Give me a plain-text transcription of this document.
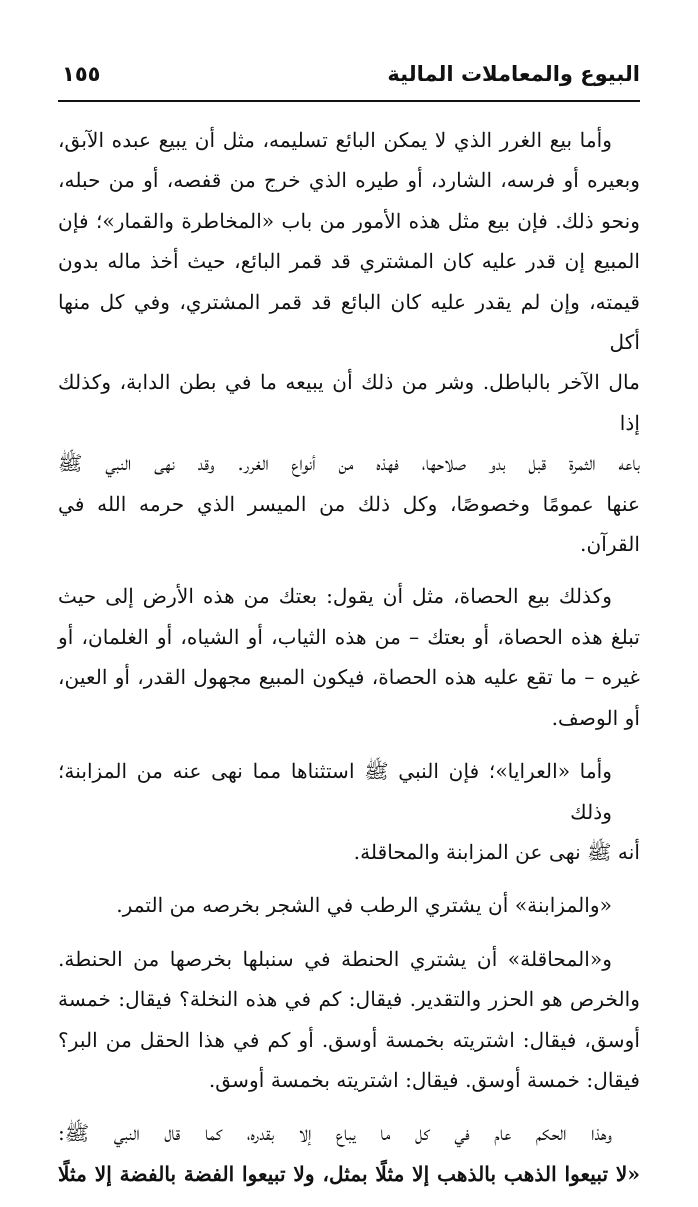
البيوع والمعاملات المالية
١٥٥

وأما بيع الغرر الذي لا يمكن البائع تسليمه، مثل أن يبيع عبده الآبق،
وبعيره أو فرسه، الشارد، أو طيره الذي خرج من قفصه، أو من حبله،
ونحو ذلك. فإن بيع مثل هذه الأمور من باب «المخاطرة والقمار»؛ فإن
المبيع إن قدر عليه كان المشتري قد قمر البائع، حيث أخذ ماله بدون
قيمته، وإن لم يقدر عليه كان البائع قد قمر المشتري، وفي كل منها أكل
مال الآخر بالباطل. وشر من ذلك أن يبيعه ما في بطن الدابة، وكذلك إذا
باعه الثمرة قبل بدو صلاحها، فهذه من أنواع الغرر. وقد نهى النبي ﷺ
عنها عمومًا وخصوصًا، وكل ذلك من الميسر الذي حرمه الله في القرآن.

وكذلك بيع الحصاة، مثل أن يقول: بعتك من هذه الأرض إلى حيث
تبلغ هذه الحصاة، أو بعتك – من هذه الثياب، أو الشياه، أو الغلمان، أو
غيره – ما تقع عليه هذه الحصاة، فيكون المبيع مجهول القدر، أو العين،
أو الوصف.

وأما «العرايا»؛ فإن النبي ﷺ استثناها مما نهى عنه من المزابنة؛ وذلك
أنه ﷺ نهى عن المزابنة والمحاقلة.

«والمزابنة» أن يشتري الرطب في الشجر بخرصه من التمر.

و«المحاقلة» أن يشتري الحنطة في سنبلها بخرصها من الحنطة.
والخرص هو الحزر والتقدير. فيقال: كم في هذه النخلة؟ فيقال: خمسة
أوسق، فيقال: اشتريته بخمسة أوسق. أو كم في هذا الحقل من البر؟
فيقال: خمسة أوسق. فيقال: اشتريته بخمسة أوسق.

وهذا الحكم عام في كل ما يباع إلا بقدره، كما قال النبي ﷺ:
«لا تبيعوا الذهب بالذهب إلا مثلًا بمثل، ولا تبيعوا الفضة بالفضة إلا مثلًا
